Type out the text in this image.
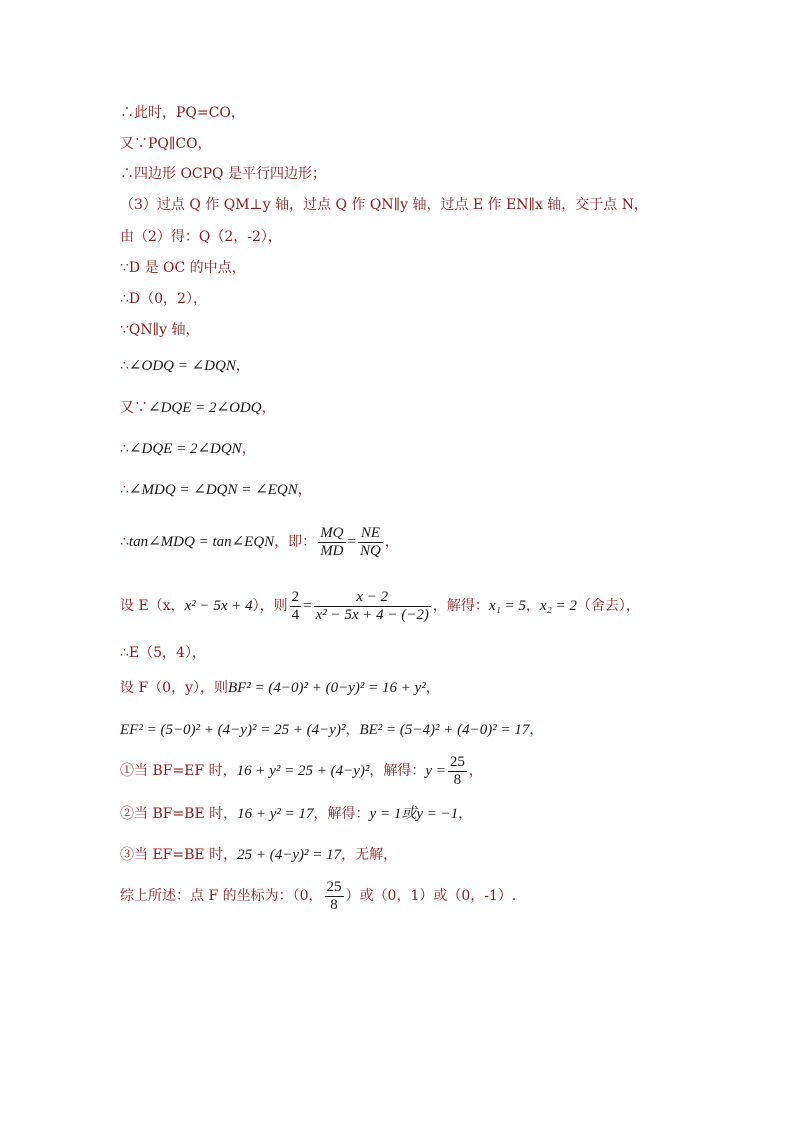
∴此时，PQ=CO，
又∵PQ∥CO，
∴四边形 OCPQ 是平行四边形；
（3）过点 Q 作 QM⊥y 轴，过点 Q 作 QN∥y 轴，过点 E 作 EN∥x 轴，交于点 N，
由（2）得：Q（2，-2），
∵D 是 OC 的中点，
∴D（0，2），
∵QN∥y 轴，
∴∠ODQ = ∠DQN，
又∵∠DQE = 2∠ODQ，
∴∠DQE = 2∠DQN，
∴∠MDQ = ∠DQN = ∠EQN，
∴tan∠MDQ = tan∠EQN，即： $\frac{MQ}{MD} = \frac{NE}{NQ}$ ，
设 E（x，x² − 5x + 4），则 $\frac{2}{4} = \frac{x - 2}{\text{x² − 5x + 4 − (−2)}}$ ，解得：x₁ = 5，x₂ = 2（舍去），
∴E（5，4），
设 F（0，y），则BF² = (4−0)² + (0−y)² = 16 + y²，
EF² = (5−0)² + (4−y)² = 25 + (4−y)²，BE² = (5−4)² + (4−0)² = 17，
①当 BF=EF 时，16 + y² = 25 + (4−y)²，解得：$y = \frac{25}{8}$ ，
②当 BF=BE 时，16 + y² = 17，解得：y = 1或y = −1，
③当 EF=BE 时，25 + (4−y)² = 17，无解，
综上所述：点 F 的坐标为：（0， $\frac{25}{8}$ ）或（0，1）或（0，-1）.
